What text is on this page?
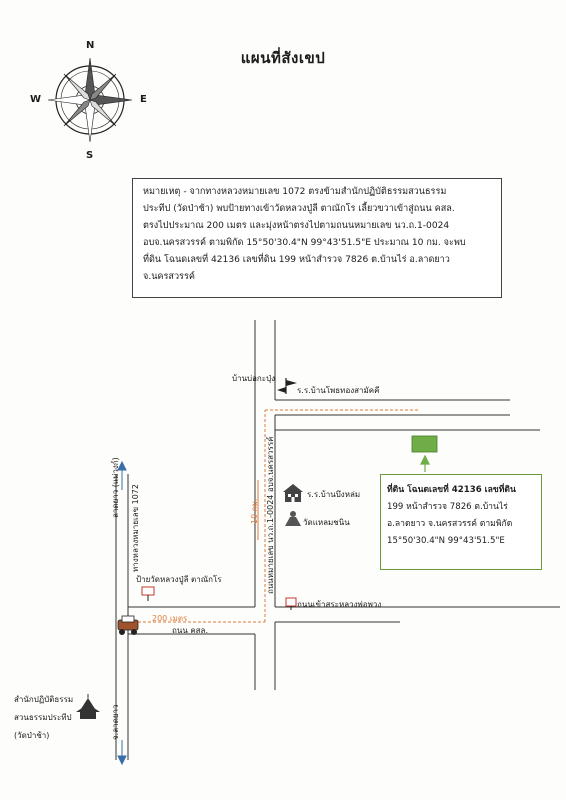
แผนที่สังเขป
N
S
E
W
หมายเหตุ - จากทางหลวงหมายเลข 1072 ตรงข้ามสำนักปฏิบัติธรรมสวนธรรม
ประทีป (วัดป่าช้า) พบป้ายทางเข้าวัดหลวงปู่ลี ตาณักโร เลี้ยวขวาเข้าสู่ถนน คสล.
ตรงไปประมาณ 200 เมตร และมุ่งหน้าตรงไปตามถนนหมายเลข นว.ถ.1-0024
อบจ.นครสวรรค์ ตามพิกัด 15°50'30.4"N 99°43'51.5"E ประมาณ 10 กม. จะพบ
ที่ดิน โฉนดเลขที่ 42136 เลขที่ดิน 199 หน้าสำรวจ 7826 ต.บ้านไร่ อ.ลาดยาว
จ.นครสวรรค์
ที่ดิน โฉนดเลขที่ 42136 เลขที่ดิน
199 หน้าสำรวจ 7826 ต.บ้านไร่
อ.ลาดยาว จ.นครสวรรค์ ตามพิกัด
15°50'30.4"N 99°43'51.5"E
บ้านบ่อกะปุ่ง
ร.ร.บ้านโพธทองสามัคคี
ร.ร.บ้านบึงหล่ม
วัดแหลมชนิน
ถนนเข้าสระหลวงพ่อพวง
ป้ายวัดหลวงปู่ลี ตาณักโร
200 เมตร
ถนน คสล.
10 กม. ถนนหมายเลข นว.ถ.1-0024 อบจ.นครสวรรค์
ทางหลวงหมายเลข 1072
ลาดยาว (แม่วงก์)
จ.ลาดยาว
สำนักปฏิบัติธรรม
สวนธรรมประทีป
(วัดป่าช้า)
